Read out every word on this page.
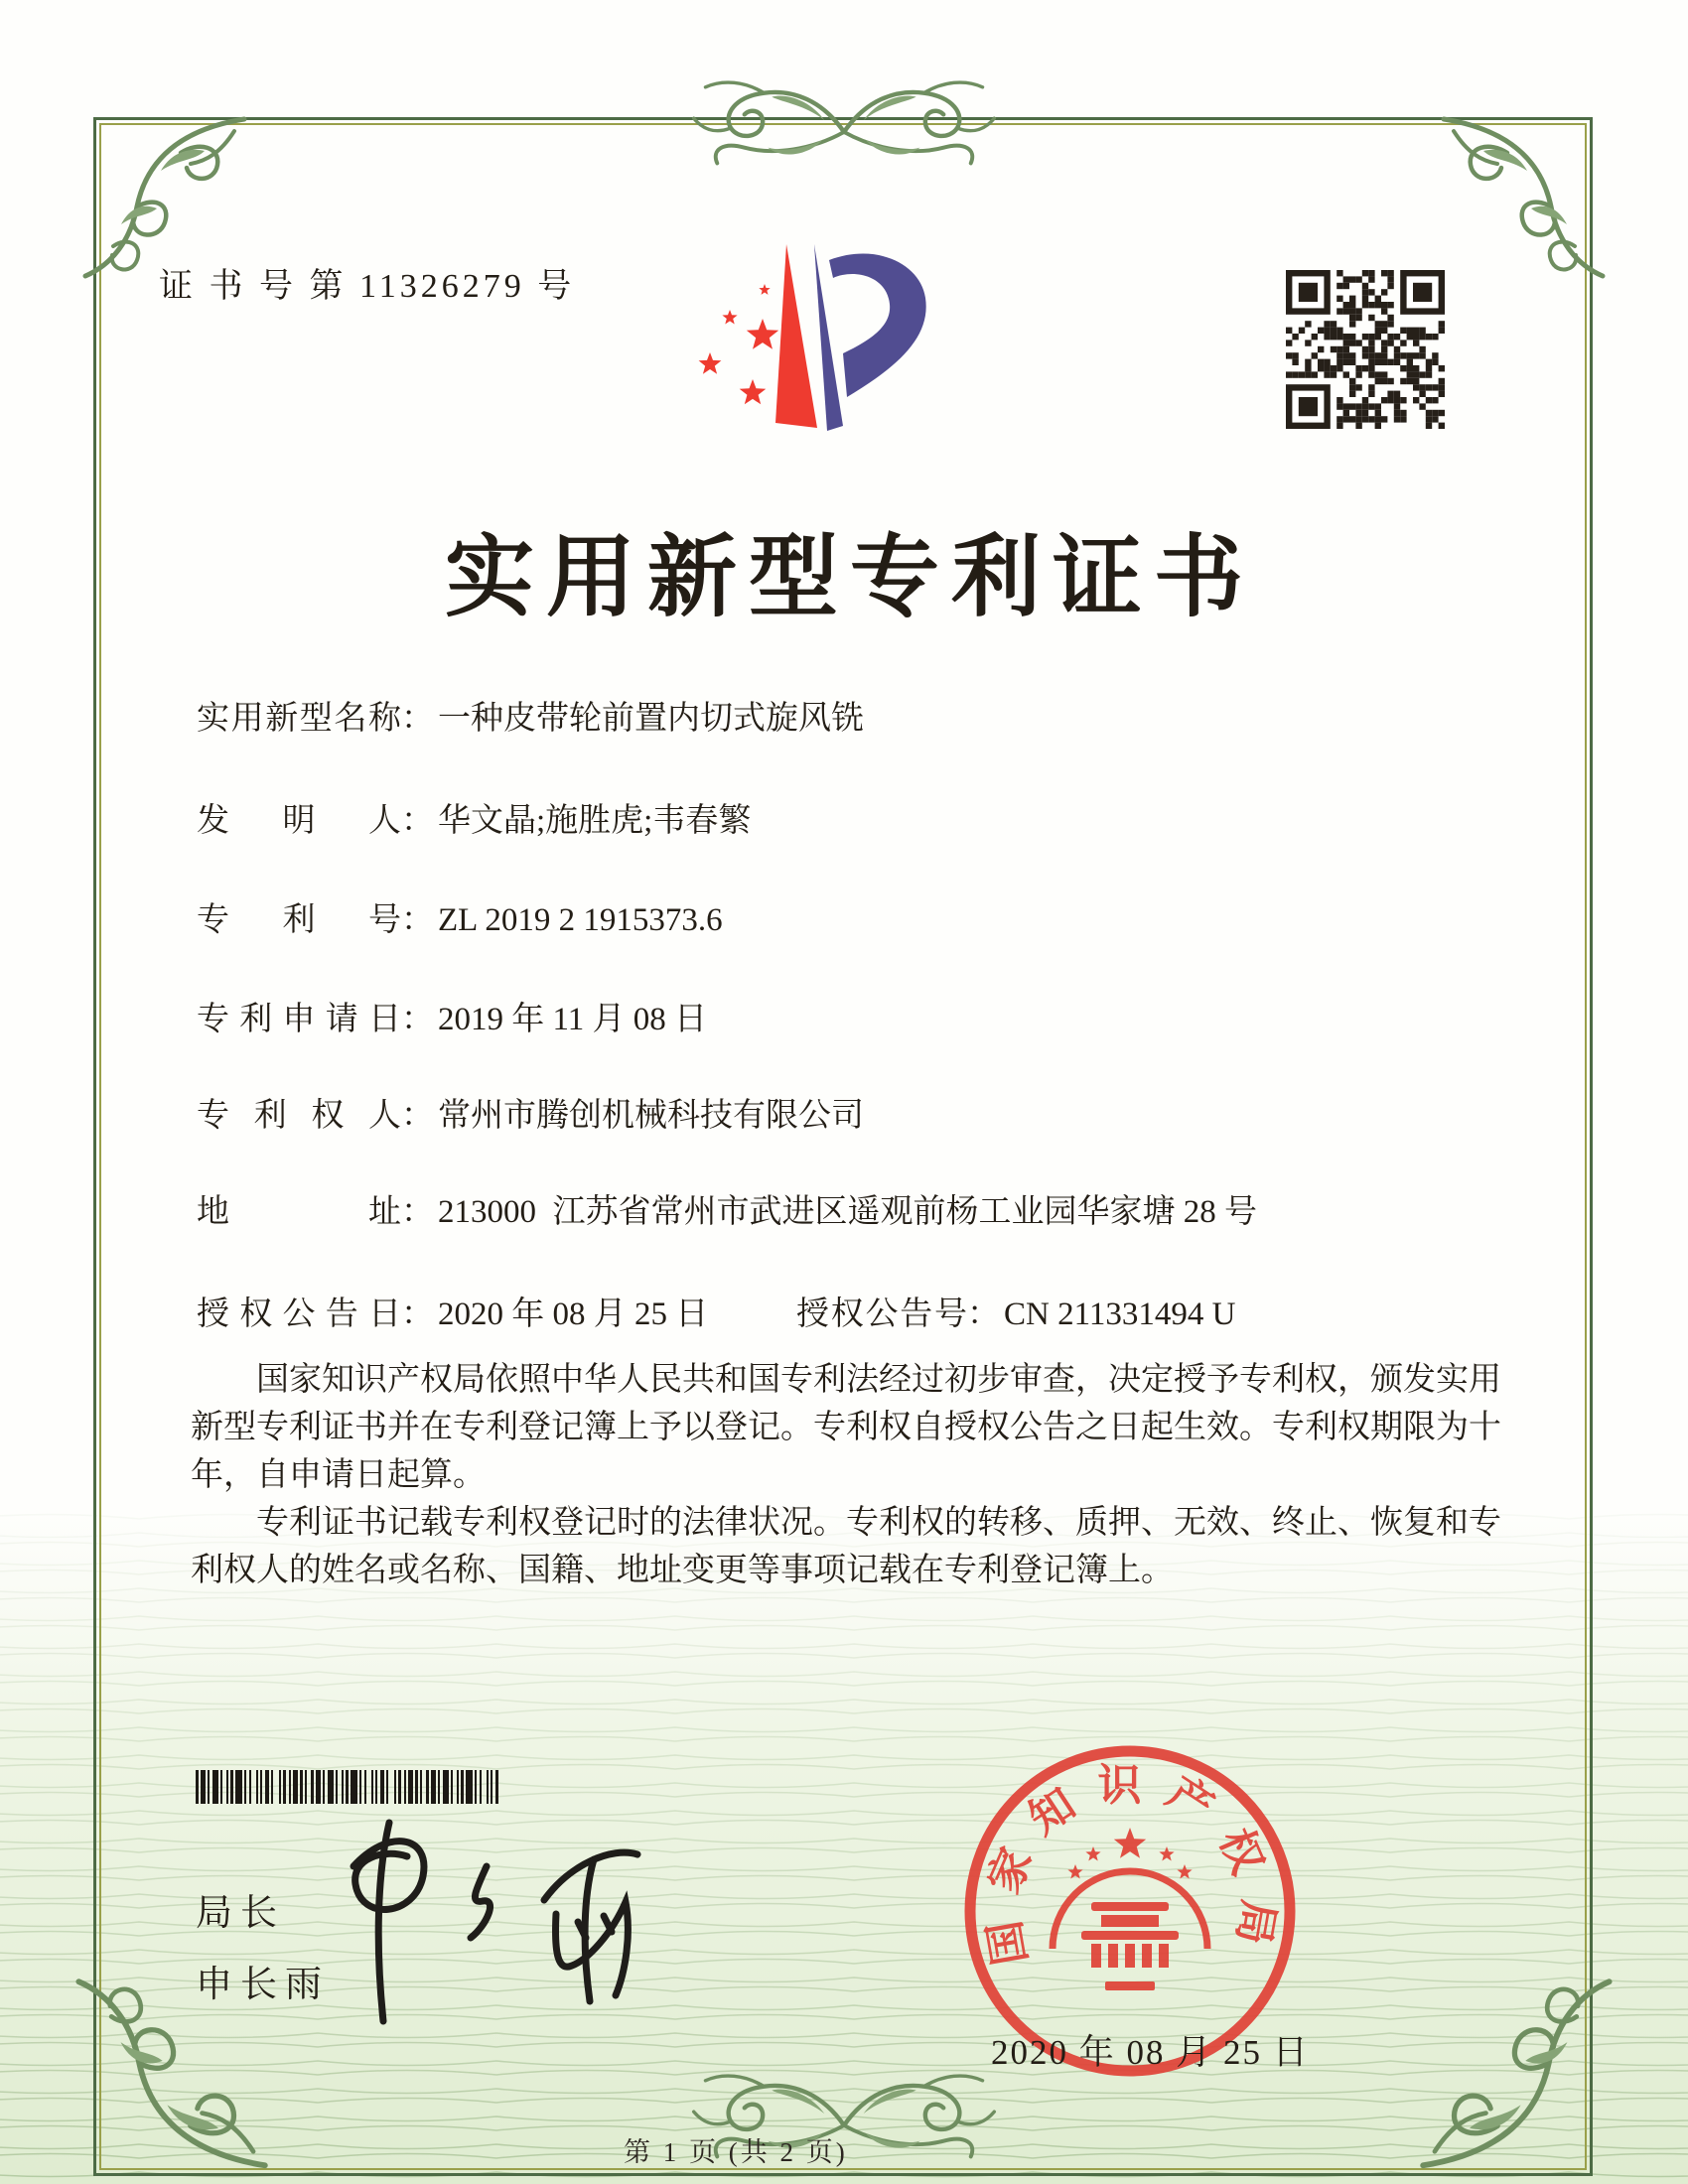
证 书 号 第 11326279 号
实用新型专利证书
实用新型名称： 一种皮带轮前置内切式旋风铣
发明人： 华文晶;施胜虎;韦春繁
专利号： ZL 2019 2 1915373.6
专利申请日： 2019 年 11 月 08 日
专利权人： 常州市腾创机械科技有限公司
地址： 213000  江苏省常州市武进区遥观前杨工业园华家塘 28 号
授权公告日： 2020 年 08 月 25 日	授权公告号： CN 211331494 U

国家知识产权局依照中华人民共和国专利法经过初步审查，决定授予专利权，颁发实用新型专利证书并在专利登记簿上予以登记。专利权自授权公告之日起生效。专利权期限为十年，自申请日起算。

专利证书记载专利权登记时的法律状况。专利权的转移、质押、无效、终止、恢复和专利权人的姓名或名称、国籍、地址变更等事项记载在专利登记簿上。

局长
申长雨
国家知识产权局
2020 年 08 月 25 日
第 1 页 (共 2 页)
